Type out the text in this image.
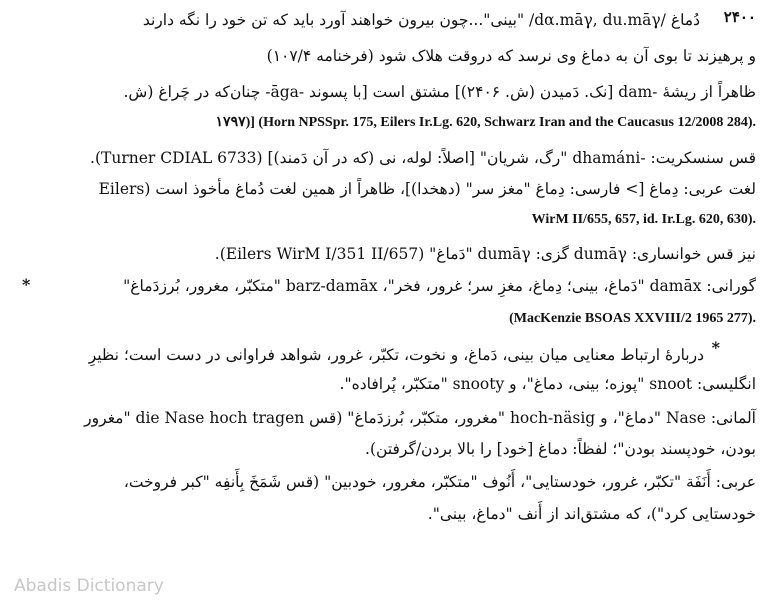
۲۴۰۰
دُماغ /dα.māγ, du.māγ/ "بینی"...چون بیرون خواهند آورد باید که تن خود را نگه دارند
و پرهیزند تا بوی آن به دماغ وی نرسد که دروقت هلاک شود (فرخنامه ۱۰۷/۴)
ظاهراً از ریشهٔ -dam [نک. دَمیدن (ش. ۲۴۰۶)] مشتق است [با پسوند -āga- چنان‌که در چَراغ (ش.
۱۷۹۷)] (Horn NPSSpr. 175, Eilers Ir.Lg. 620, Schwarz Iran and the Caucasus 12/2008 284).
قس سنسکریت: -dhamáni "رگ، شریان" [اصلاً: لوله، نی (که در آن دَمند)] (Turner CDIAL 6733).
لغت عربی: دِماغ [> فارسی: دِماغ "مغز سر" (دهخدا)]، ظاهراً از همین لغت دُماغ مأخوذ است (Eilers
WirM II/655, 657, id. Ir.Lg. 620, 630).
نیز قس خوانساری: dumāγ گزی: dumāγ "دَماغ" (Eilers WirM I/351 II/657).
گورانی: damāx "دَماغ، بینی؛ دِماغ، مغزِ سر؛ غرور، فخر"، barz-damāx "متکبّر، مغرور، بُرزدَماغ"
*
(MacKenzie BSOAS XXVIII/2 1965 277).
*
دربارهٔ ارتباط معنایی میان بینی، دَماغ، و نخوت، تکبّر، غرور، شواهد فراوانی در دست است؛ نظیرِ
انگلیسی: snoot "پوزه؛ بینی، دماغ"، و snooty "متکبّر، پُرافاده".
آلمانی: Nase "دماغ"، و hoch-näsig "مغرور، متکبّر، بُرزدَماغ" (قس die Nase hoch tragen "مغرور
بودن، خودپسند بودن"؛ لفظاً: دماغ [خود] را بالا بردن/گرفتن).
عربی: أَنَفَة "تکبّر، غرور، خودستایی"، أَنُوف "متکبّر، مغرور، خودبین" (قس شَمَخَ بِأَنفِه "کبر فروخت،
خودستایی کرد")، که مشتق‌اند از أَنف "دماغ، بینی".
Abadis Dictionary
